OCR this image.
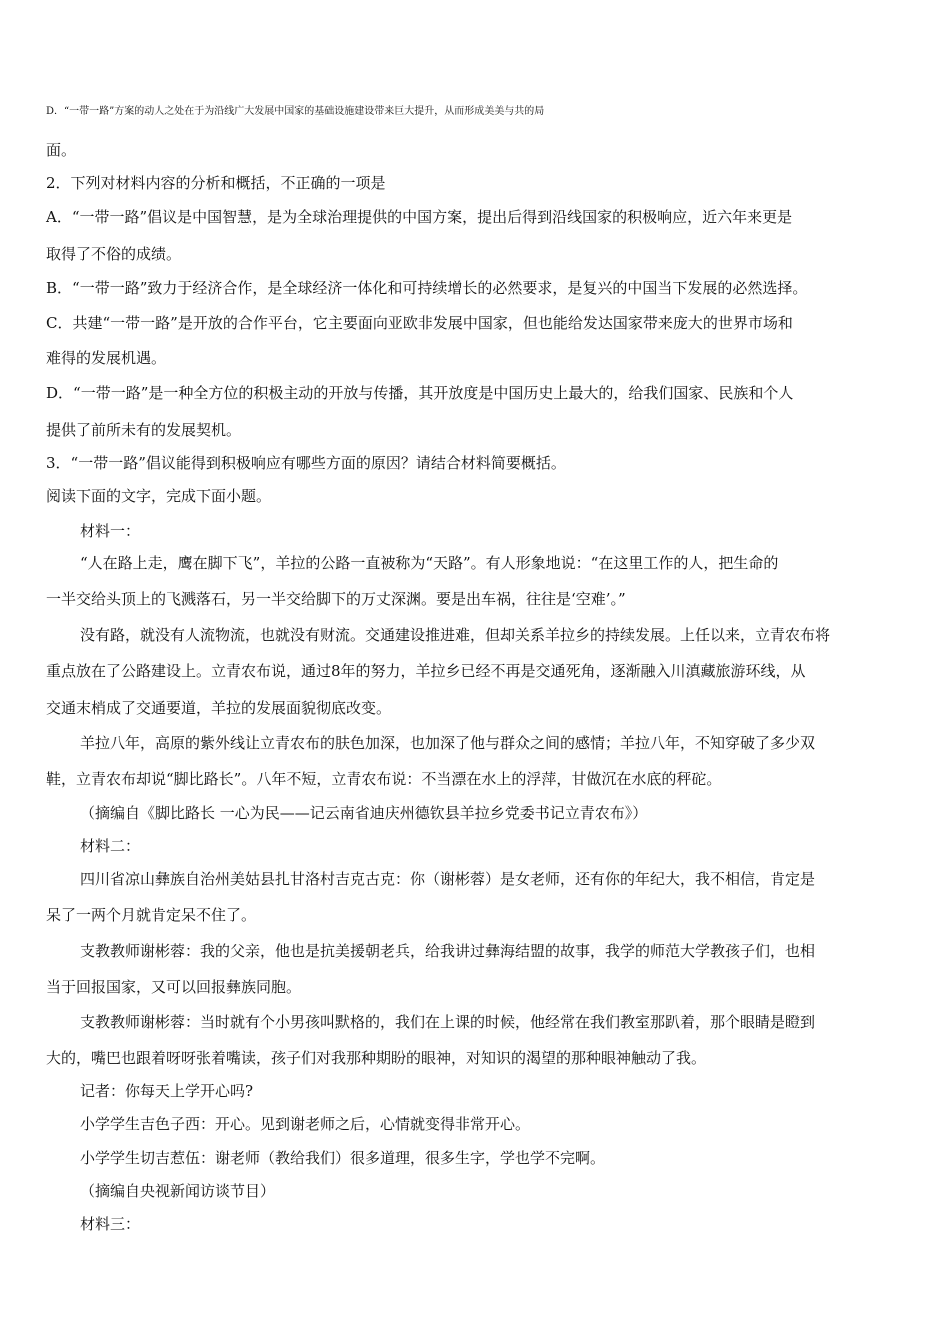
D．“一带一路”方案的动人之处在于为沿线广大发展中国家的基础设施建设带来巨大提升，从而形成美美与共的局

面。

2．下列对材料内容的分析和概括，不正确的一项是

A．“一带一路”倡议是中国智慧，是为全球治理提供的中国方案，提出后得到沿线国家的积极响应，近六年来更是

取得了不俗的成绩。

B．“一带一路”致力于经济合作，是全球经济一体化和可持续增长的必然要求，是复兴的中国当下发展的必然选择。

C．共建“一带一路”是开放的合作平台，它主要面向亚欧非发展中国家，但也能给发达国家带来庞大的世界市场和

难得的发展机遇。

D．“一带一路”是一种全方位的积极主动的开放与传播，其开放度是中国历史上最大的，给我们国家、民族和个人

提供了前所未有的发展契机。

3．“一带一路”倡议能得到积极响应有哪些方面的原因？请结合材料简要概括。

阅读下面的文字，完成下面小题。

材料一：

“人在路上走，鹰在脚下飞”，羊拉的公路一直被称为“天路”。有人形象地说：“在这里工作的人，把生命的

一半交给头顶上的飞溅落石，另一半交给脚下的万丈深渊。要是出车祸，往往是‘空难’。”

没有路，就没有人流物流，也就没有财流。交通建设推进难，但却关系羊拉乡的持续发展。上任以来，立青农布将

重点放在了公路建设上。立青农布说，通过8年的努力，羊拉乡已经不再是交通死角，逐渐融入川滇藏旅游环线，从

交通末梢成了交通要道，羊拉的发展面貌彻底改变。

羊拉八年，高原的紫外线让立青农布的肤色加深，也加深了他与群众之间的感情；羊拉八年，不知穿破了多少双

鞋，立青农布却说“脚比路长”。八年不短，立青农布说：不当漂在水上的浮萍，甘做沉在水底的秤砣。

（摘编自《脚比路长 一心为民——记云南省迪庆州德钦县羊拉乡党委书记立青农布》）

材料二：

四川省凉山彝族自治州美姑县扎甘洛村吉克古克：你（谢彬蓉）是女老师，还有你的年纪大，我不相信，肯定是

呆了一两个月就肯定呆不住了。

支教教师谢彬蓉：我的父亲，他也是抗美援朝老兵，给我讲过彝海结盟的故事，我学的师范大学教孩子们，也相

当于回报国家，又可以回报彝族同胞。

支教教师谢彬蓉：当时就有个小男孩叫默格的，我们在上课的时候，他经常在我们教室那趴着，那个眼睛是瞪到

大的，嘴巴也跟着呀呀张着嘴读，孩子们对我那种期盼的眼神，对知识的渴望的那种眼神触动了我。

记者：你每天上学开心吗?

小学学生吉色子西：开心。见到谢老师之后，心情就变得非常开心。

小学学生切吉惹伍：谢老师（教给我们）很多道理，很多生字，学也学不完啊。

（摘编自央视新闻访谈节目）

材料三：
